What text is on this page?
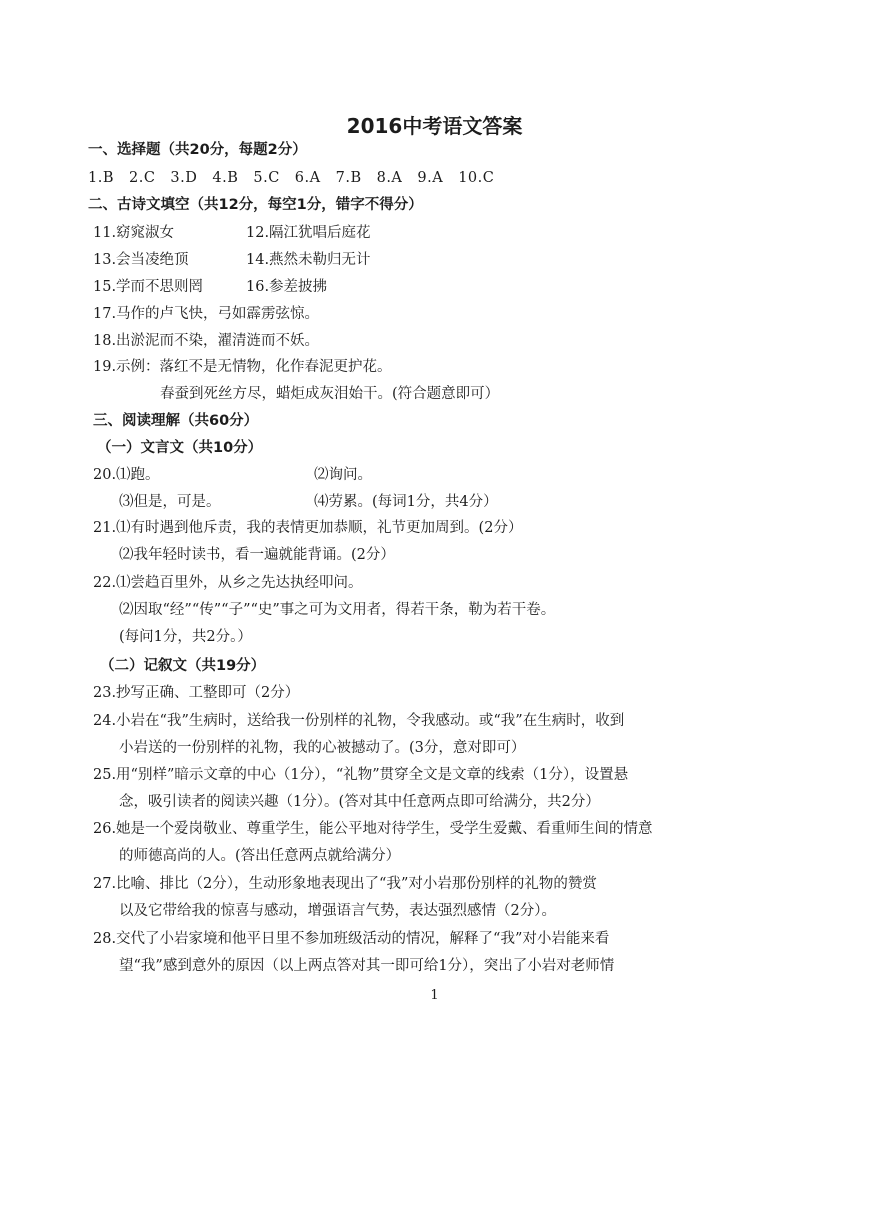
2016中考语文答案
一、选择题（共20分，每题2分）
1.B　2.C　3.D　4.B　5.C　6.A　7.B　8.A　9.A　10.C
二、古诗文填空（共12分，每空1分，错字不得分）
11.窈窕淑女	12.隔江犹唱后庭花
13.会当凌绝顶	14.燕然未勒归无计
15.学而不思则罔	16.参差披拂
17.马作的卢飞快，弓如霹雳弦惊。
18.出淤泥而不染，濯清涟而不妖。
19.示例：落红不是无情物，化作春泥更护花。
春蚕到死丝方尽，蜡炬成灰泪始干。(符合题意即可）
三、阅读理解（共60分）
（一）文言文（共10分）
20.⑴跑。	⑵询问。
⑶但是，可是。	⑷劳累。(每词1分，共4分）
21.⑴有时遇到他斥责，我的表情更加恭顺，礼节更加周到。(2分）
⑵我年轻时读书，看一遍就能背诵。(2分）
22.⑴尝趋百里外，从乡之先达执经叩问。
⑵因取“经”“传”“子”“史”事之可为文用者，得若干条，勒为若干卷。
(每问1分，共2分。）
（二）记叙文（共19分）
23.抄写正确、工整即可（2分）
24.小岩在“我”生病时，送给我一份别样的礼物，令我感动。或“我”在生病时，收到
小岩送的一份别样的礼物，我的心被撼动了。(3分，意对即可）
25.用“别样”暗示文章的中心（1分），“礼物”贯穿全文是文章的线索（1分），设置悬
念，吸引读者的阅读兴趣（1分）。(答对其中任意两点即可给满分，共2分）
26.她是一个爱岗敬业、尊重学生，能公平地对待学生，受学生爱戴、看重师生间的情意
的师德高尚的人。(答出任意两点就给满分）
27.比喻、排比（2分），生动形象地表现出了“我”对小岩那份别样的礼物的赞赏
以及它带给我的惊喜与感动，增强语言气势，表达强烈感情（2分）。
28.交代了小岩家境和他平日里不参加班级活动的情况，解释了“我”对小岩能来看
望“我”感到意外的原因（以上两点答对其一即可给1分），突出了小岩对老师情
1
